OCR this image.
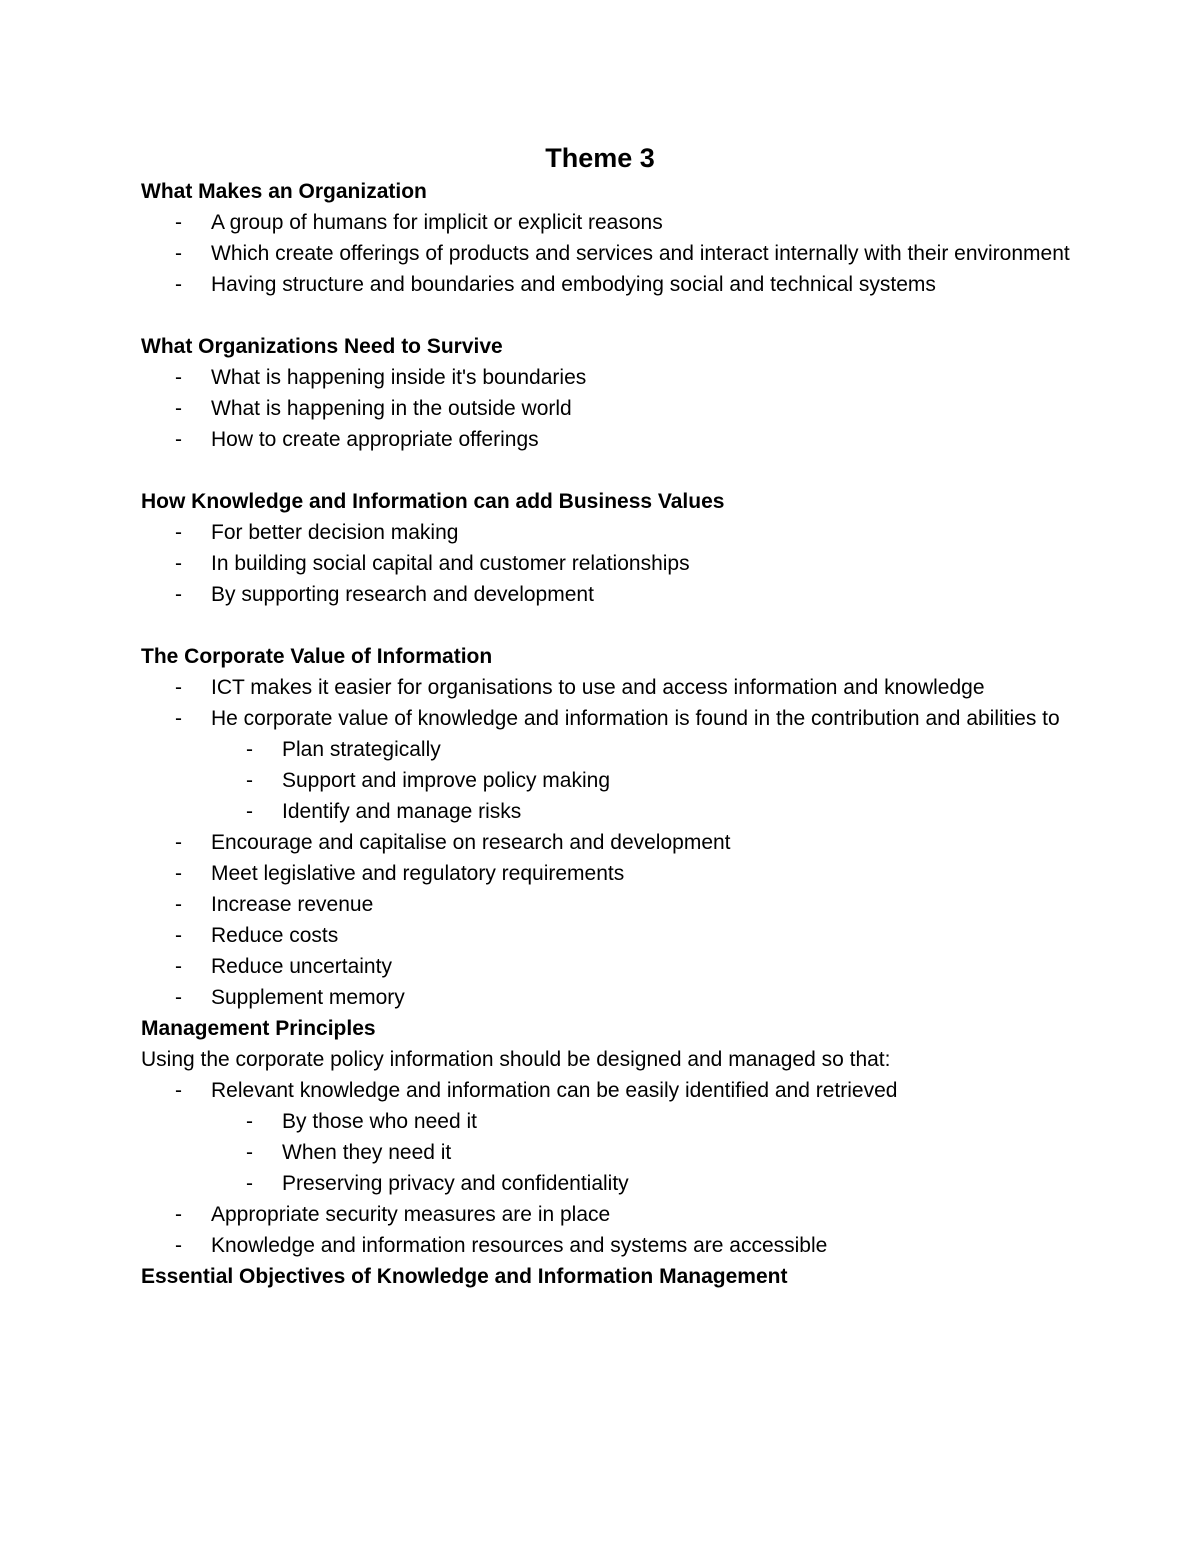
Theme 3
What Makes an Organization
- A group of humans for implicit or explicit reasons
- Which create offerings of products and services and interact internally with their environment
- Having structure and boundaries and embodying social and technical systems
What Organizations Need to Survive
- What is happening inside it's boundaries
- What is happening in the outside world
- How to create appropriate offerings
How Knowledge and Information can add Business Values
- For better decision making
- In building social capital and customer relationships
- By supporting research and development
The Corporate Value of Information
- ICT makes it easier for organisations to use and access information and knowledge
- He corporate value of knowledge and information is found in the contribution and abilities to
- Plan strategically
- Support and improve policy making
- Identify and manage risks
- Encourage and capitalise on research and development
- Meet legislative and regulatory requirements
- Increase revenue
- Reduce costs
- Reduce uncertainty
- Supplement memory
Management Principles
Using the corporate policy information should be designed and managed so that:
- Relevant knowledge and information can be easily identified and retrieved
- By those who need it
- When they need it
- Preserving privacy and confidentiality
- Appropriate security measures are in place
- Knowledge and information resources and systems are accessible
Essential Objectives of Knowledge and Information Management
